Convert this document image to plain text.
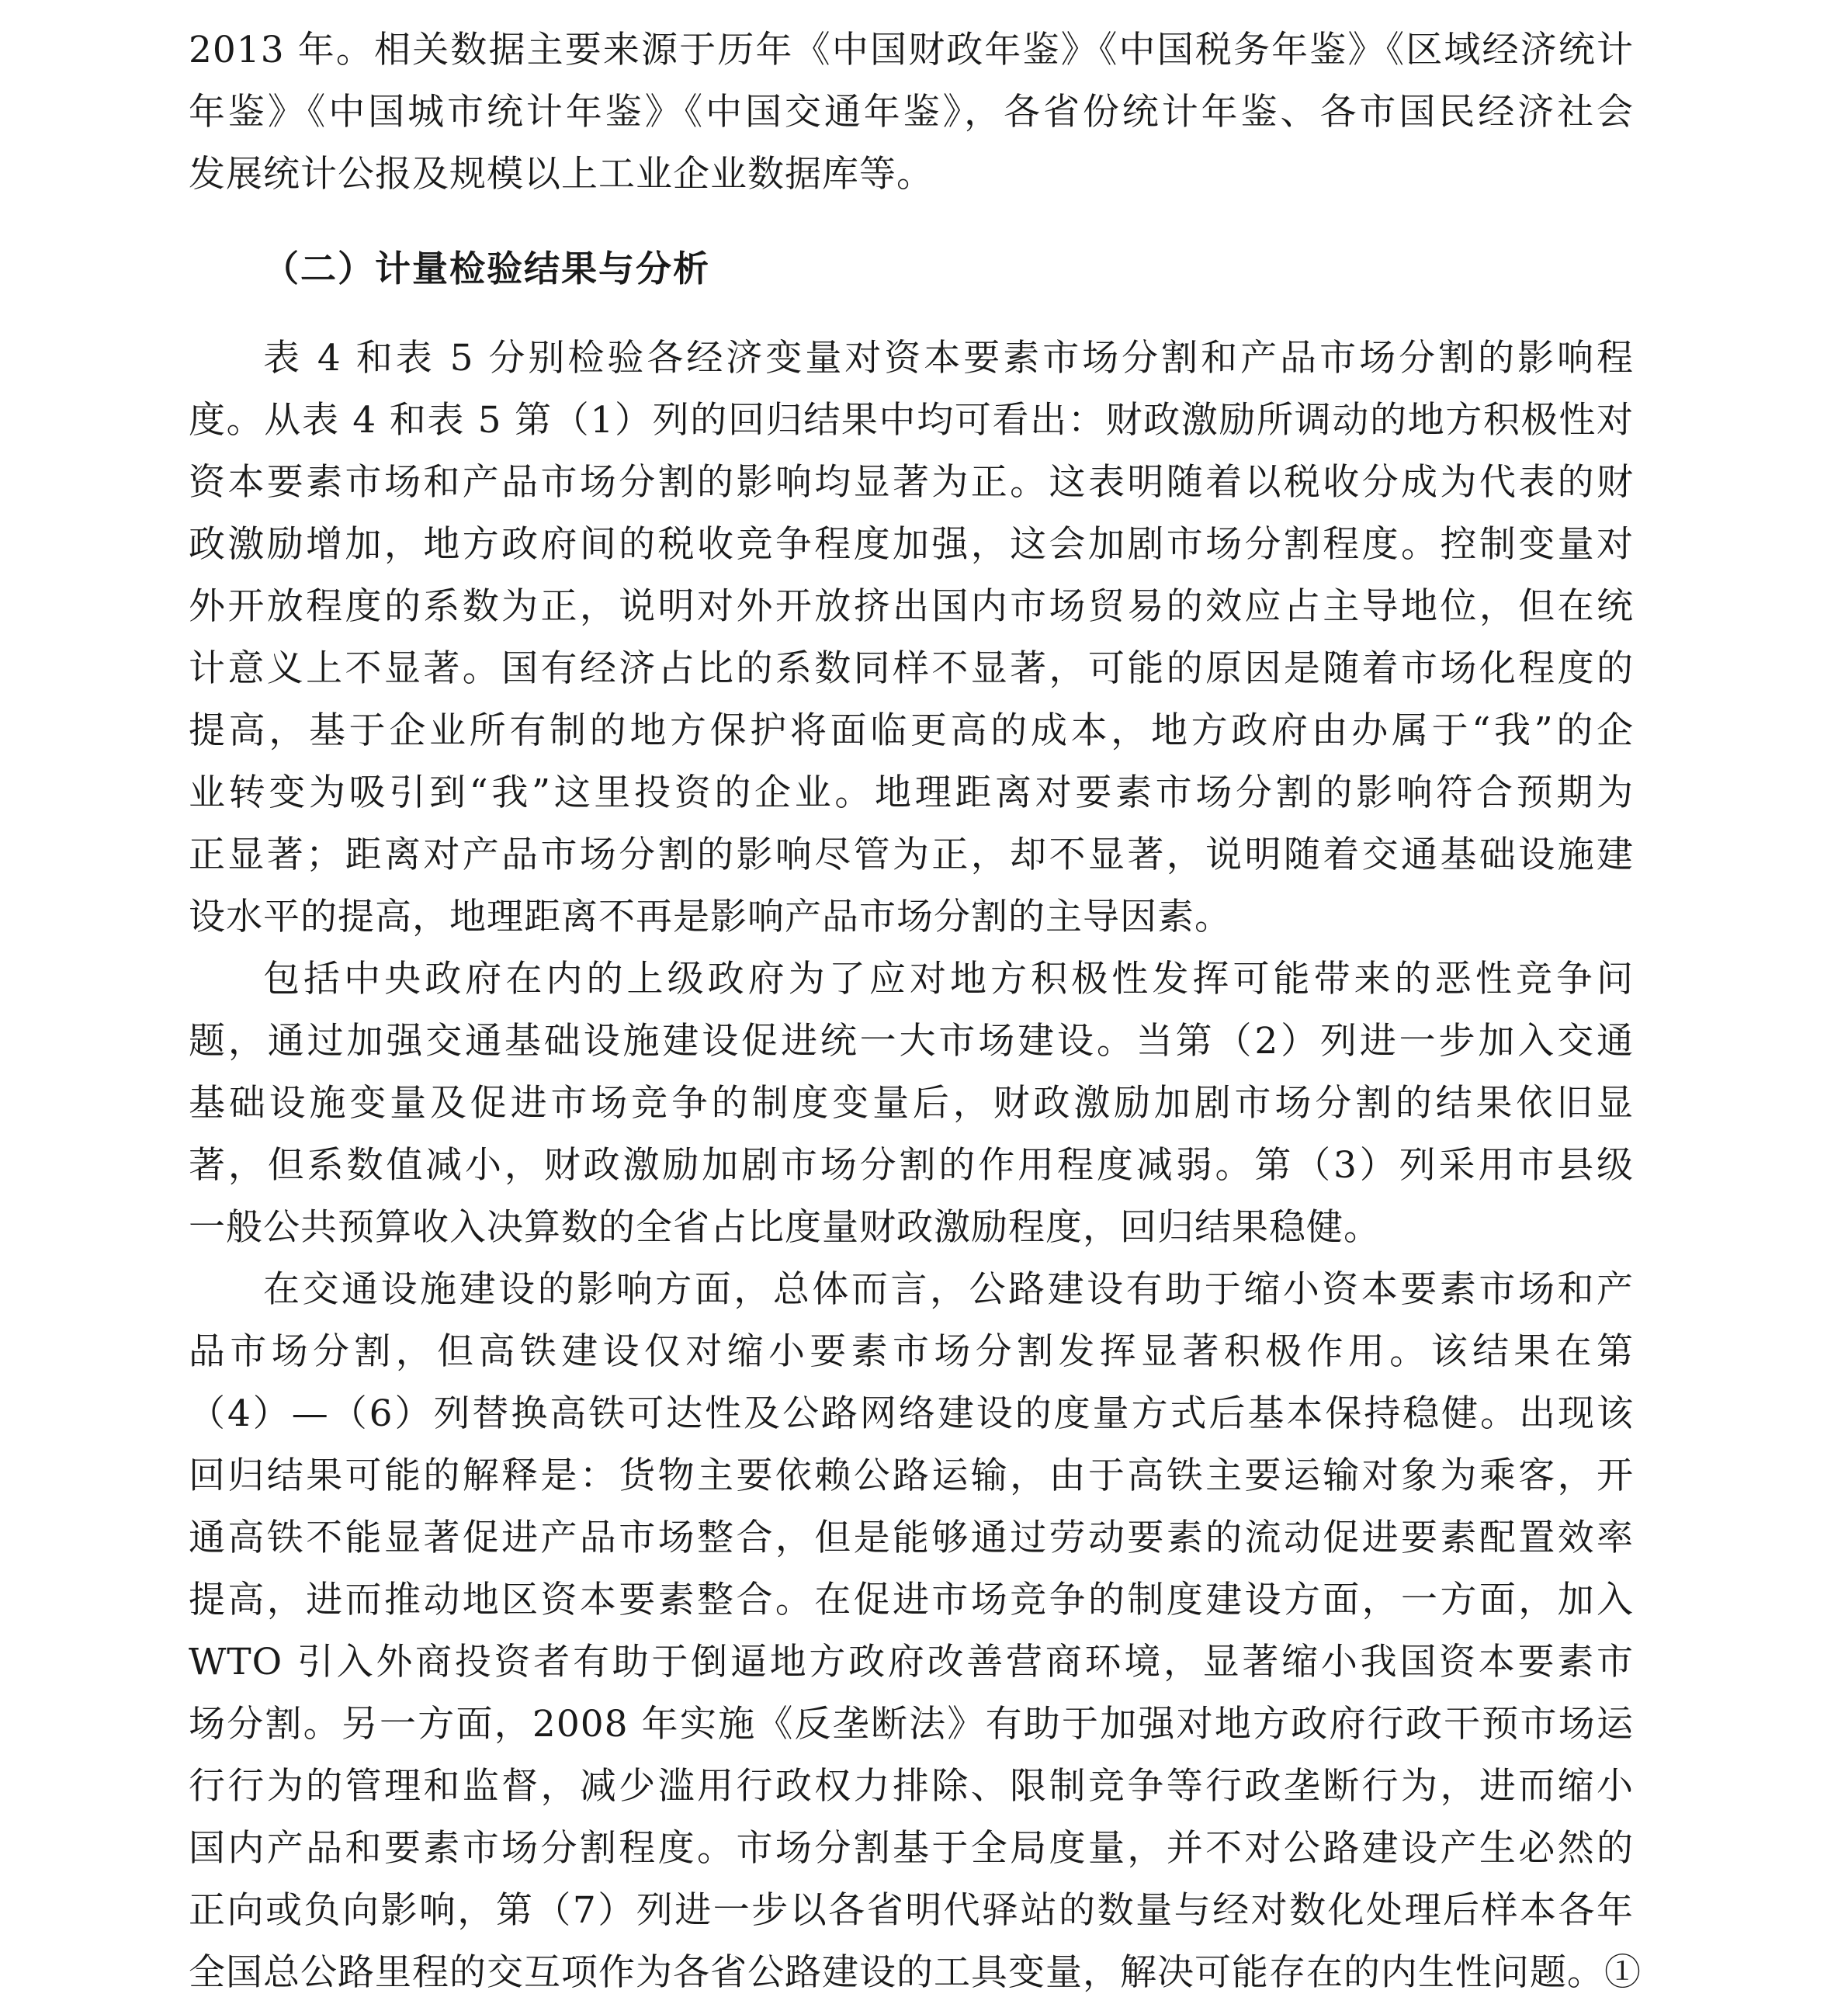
2013 年。相关数据主要来源于历年《中国财政年鉴》《中国税务年鉴》《区域经济统计
年鉴》《中国城市统计年鉴》《中国交通年鉴》，各省份统计年鉴、各市国民经济社会
发展统计公报及规模以上工业企业数据库等。
（二）计量检验结果与分析
表 4 和表 5 分别检验各经济变量对资本要素市场分割和产品市场分割的影响程
度。从表 4 和表 5 第（1）列的回归结果中均可看出：财政激励所调动的地方积极性对
资本要素市场和产品市场分割的影响均显著为正。这表明随着以税收分成为代表的财
政激励增加，地方政府间的税收竞争程度加强，这会加剧市场分割程度。控制变量对
外开放程度的系数为正，说明对外开放挤出国内市场贸易的效应占主导地位，但在统
计意义上不显著。国有经济占比的系数同样不显著，可能的原因是随着市场化程度的
提高，基于企业所有制的地方保护将面临更高的成本，地方政府由办属于“我”的企
业转变为吸引到“我”这里投资的企业。地理距离对要素市场分割的影响符合预期为
正显著；距离对产品市场分割的影响尽管为正，却不显著，说明随着交通基础设施建
设水平的提高，地理距离不再是影响产品市场分割的主导因素。
包括中央政府在内的上级政府为了应对地方积极性发挥可能带来的恶性竞争问
题，通过加强交通基础设施建设促进统一大市场建设。当第（2）列进一步加入交通
基础设施变量及促进市场竞争的制度变量后，财政激励加剧市场分割的结果依旧显
著，但系数值减小，财政激励加剧市场分割的作用程度减弱。第（3）列采用市县级
一般公共预算收入决算数的全省占比度量财政激励程度，回归结果稳健。
在交通设施建设的影响方面，总体而言，公路建设有助于缩小资本要素市场和产
品市场分割，但高铁建设仅对缩小要素市场分割发挥显著积极作用。该结果在第
（4）—（6）列替换高铁可达性及公路网络建设的度量方式后基本保持稳健。出现该
回归结果可能的解释是：货物主要依赖公路运输，由于高铁主要运输对象为乘客，开
通高铁不能显著促进产品市场整合，但是能够通过劳动要素的流动促进要素配置效率
提高，进而推动地区资本要素整合。在促进市场竞争的制度建设方面，一方面，加入
WTO 引入外商投资者有助于倒逼地方政府改善营商环境，显著缩小我国资本要素市
场分割。另一方面，2008 年实施《反垄断法》有助于加强对地方政府行政干预市场运
行行为的管理和监督，减少滥用行政权力排除、限制竞争等行政垄断行为，进而缩小
国内产品和要素市场分割程度。市场分割基于全局度量，并不对公路建设产生必然的
正向或负向影响，第（7）列进一步以各省明代驿站的数量与经对数化处理后样本各年
全国总公路里程的交互项作为各省公路建设的工具变量，解决可能存在的内生性问题。①
